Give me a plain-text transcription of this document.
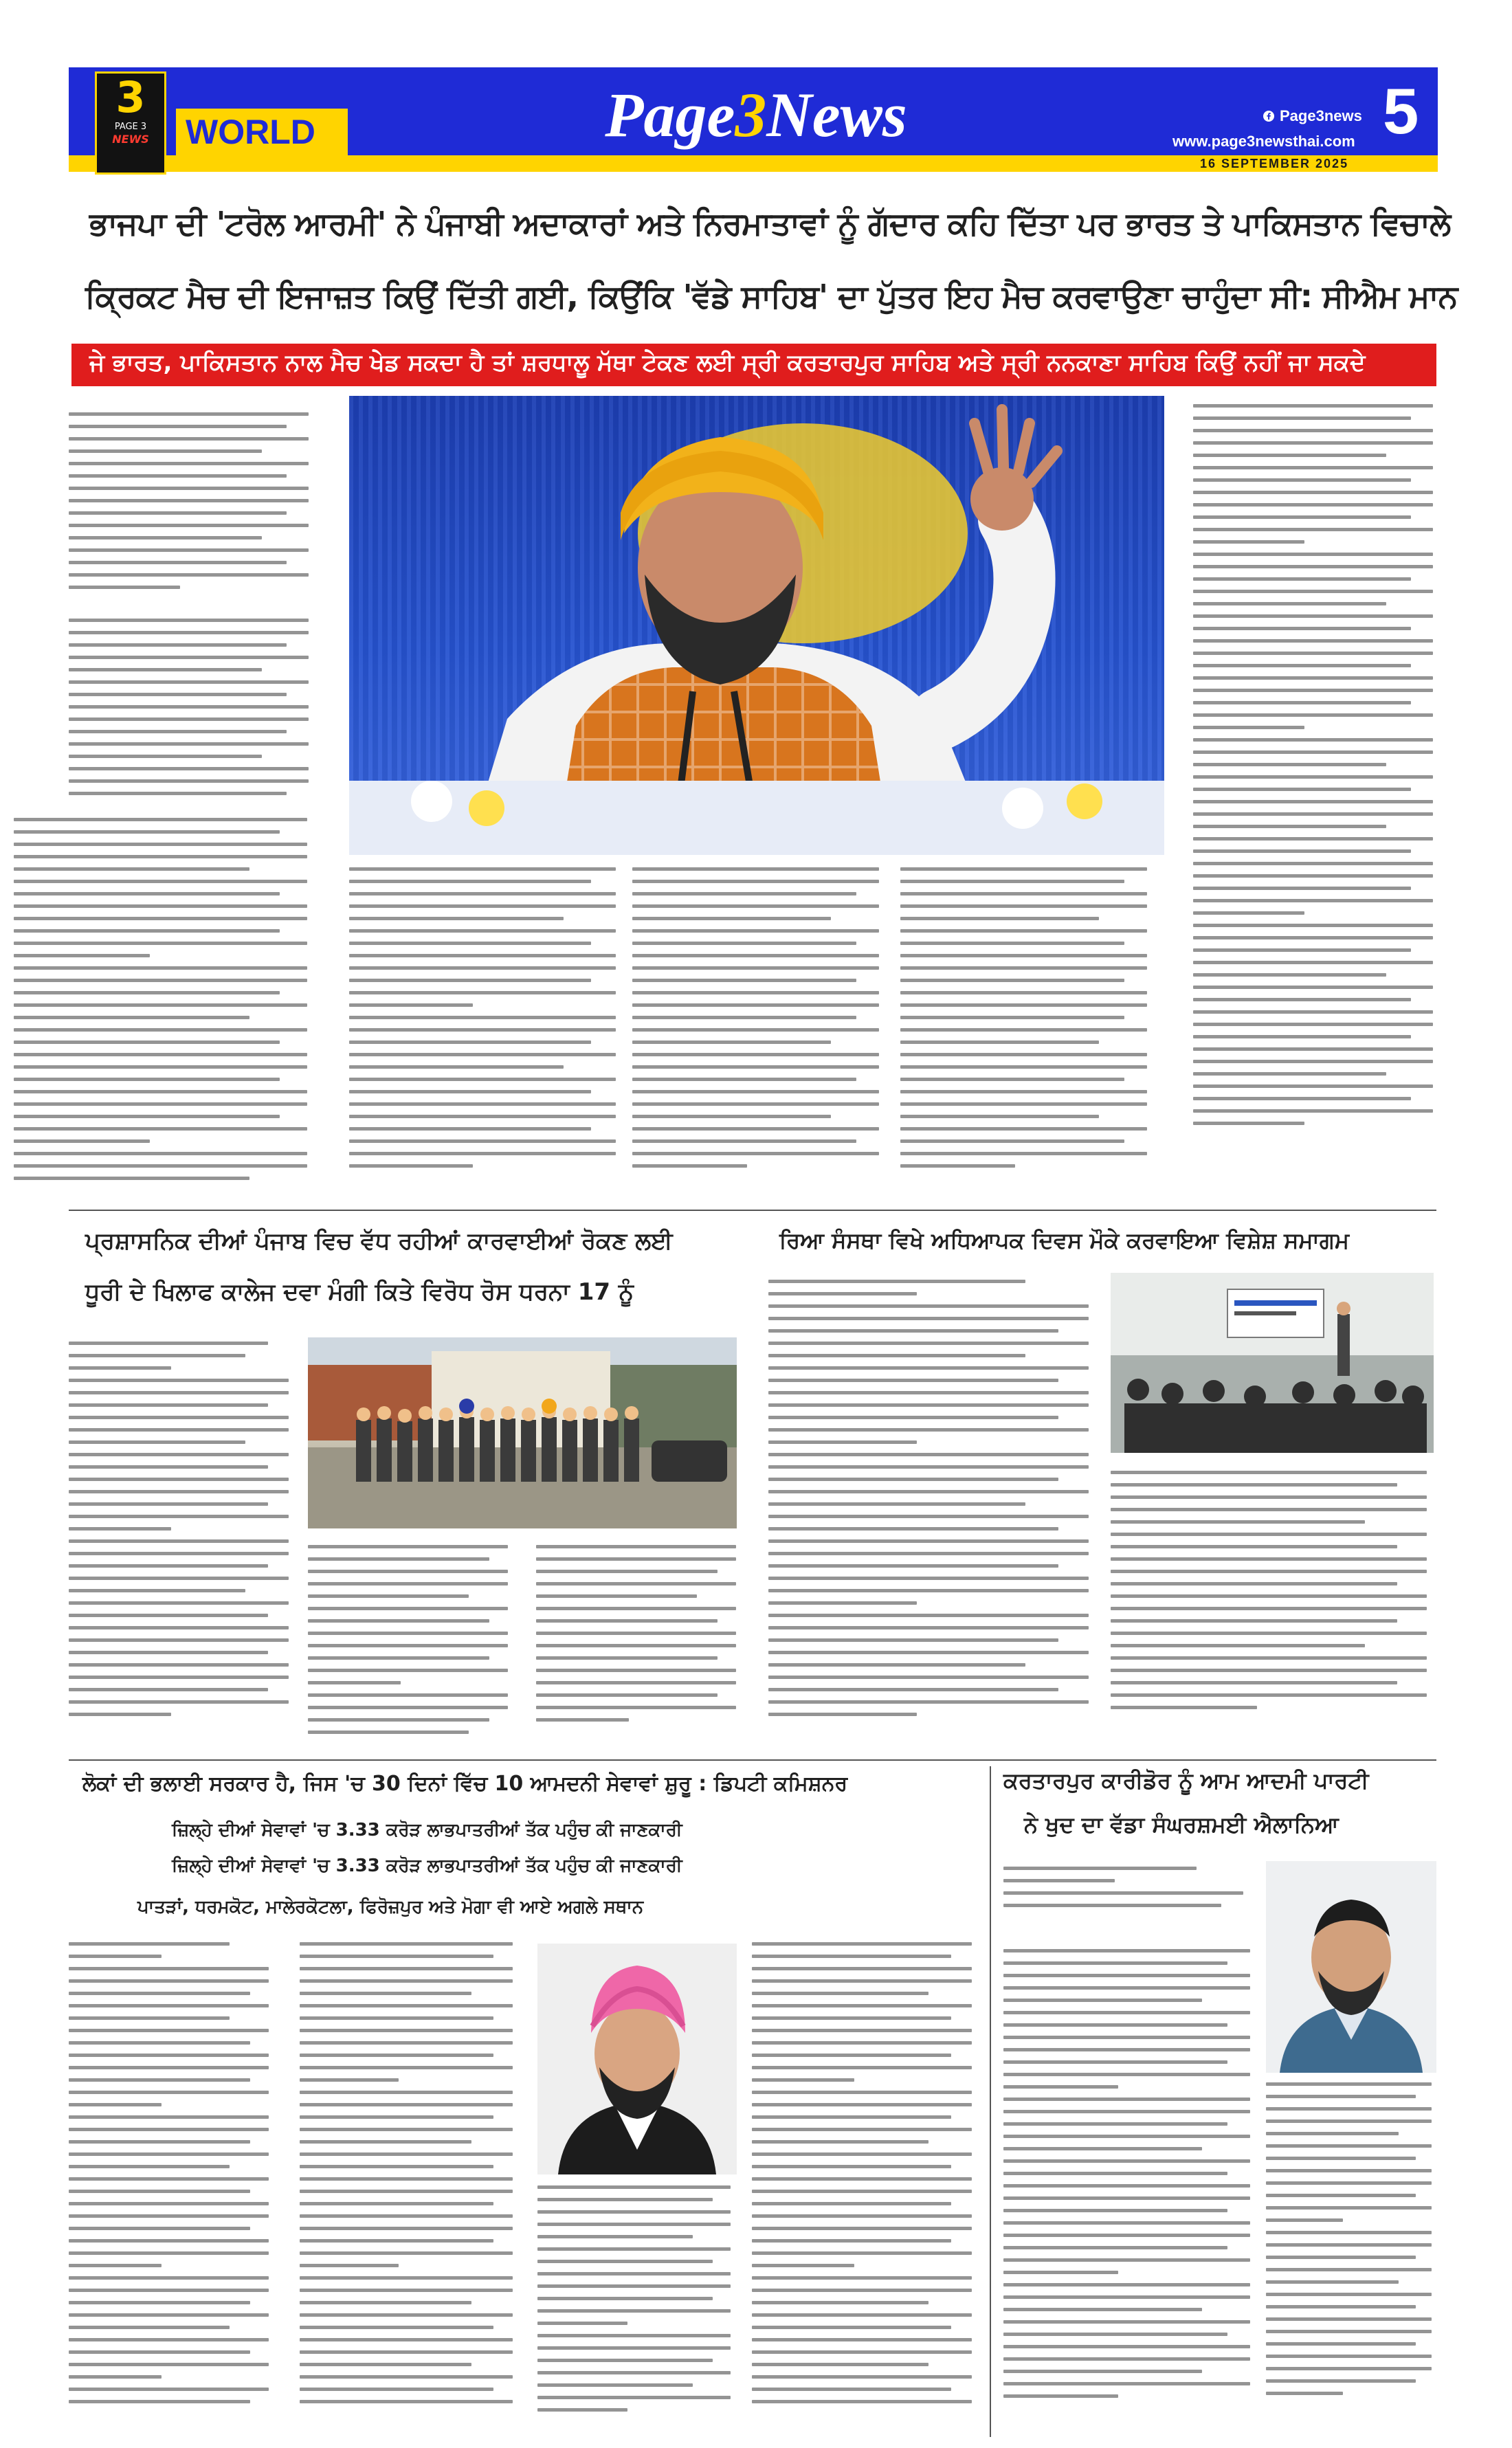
3
PAGE 3
NEWS	WORLD	Page3News	Page3news
www.page3newsthai.com 5
16 SEPTEMBER 2025
ਭਾਜਪਾ ਦੀ 'ਟਰੋਲ ਆਰਮੀ' ਨੇ ਪੰਜਾਬੀ ਅਦਾਕਾਰਾਂ ਅਤੇ ਨਿਰਮਾਤਾਵਾਂ ਨੂੰ ਗੱਦਾਰ ਕਹਿ ਦਿੱਤਾ ਪਰ ਭਾਰਤ ਤੇ ਪਾਕਿਸਤਾਨ ਵਿਚਾਲੇ
ਕ੍ਰਿਕਟ ਮੈਚ ਦੀ ਇਜਾਜ਼ਤ ਕਿਉਂ ਦਿੱਤੀ ਗਈ, ਕਿਉਂਕਿ 'ਵੱਡੇ ਸਾਹਿਬ' ਦਾ ਪੁੱਤਰ ਇਹ ਮੈਚ ਕਰਵਾਉਣਾ ਚਾਹੁੰਦਾ ਸੀ: ਸੀਐਮ ਮਾਨ
ਜੇ ਭਾਰਤ, ਪਾਕਿਸਤਾਨ ਨਾਲ ਮੈਚ ਖੇਡ ਸਕਦਾ ਹੈ ਤਾਂ ਸ਼ਰਧਾਲੂ ਮੱਥਾ ਟੇਕਣ ਲਈ ਸ੍ਰੀ ਕਰਤਾਰਪੁਰ ਸਾਹਿਬ ਅਤੇ ਸ੍ਰੀ ਨਨਕਾਣਾ ਸਾਹਿਬ ਕਿਉਂ ਨਹੀਂ ਜਾ ਸਕਦੇ
ਪ੍ਰਸ਼ਾਸਨਿਕ ਦੀਆਂ ਪੰਜਾਬ ਵਿਚ ਵੱਧ ਰਹੀਆਂ ਕਾਰਵਾਈਆਂ ਰੋਕਣ ਲਈ
ਧੂਰੀ ਦੇ ਖਿਲਾਫ ਕਾਲੇਜ ਦਵਾ ਮੰਗੀ ਕਿਤੇ ਵਿਰੋਧ ਰੋਸ ਧਰਨਾ 17 ਨੂੰ
ਰਿਆ ਸੰਸਥਾ ਵਿਖੇ ਅਧਿਆਪਕ ਦਿਵਸ ਮੌਕੇ ਕਰਵਾਇਆ ਵਿਸ਼ੇਸ਼ ਸਮਾਗਮ
ਲੋਕਾਂ ਦੀ ਭਲਾਈ ਸਰਕਾਰ ਹੈ, ਜਿਸ 'ਚ 30 ਦਿਨਾਂ ਵਿੱਚ 10 ਆਮਦਨੀ ਸੇਵਾਵਾਂ ਸ਼ੁਰੂ : ਡਿਪਟੀ ਕਮਿਸ਼ਨਰ
ਜ਼ਿਲ੍ਹੇ ਦੀਆਂ ਸੇਵਾਵਾਂ 'ਚ 3.33 ਕਰੋੜ ਲਾਭਪਾਤਰੀਆਂ ਤੱਕ ਪਹੁੰਚ ਕੀ ਜਾਣਕਾਰੀ
ਜ਼ਿਲ੍ਹੇ ਦੀਆਂ ਸੇਵਾਵਾਂ 'ਚ 3.33 ਕਰੋੜ ਲਾਭਪਾਤਰੀਆਂ ਤੱਕ ਪਹੁੰਚ ਕੀ ਜਾਣਕਾਰੀ
ਪਾਤੜਾਂ, ਧਰਮਕੋਟ, ਮਾਲੇਰਕੋਟਲਾ, ਫਿਰੋਜ਼ਪੁਰ ਅਤੇ ਮੋਗਾ ਵੀ ਆਏ ਅਗਲੇ ਸਥਾਨ
ਕਰਤਾਰਪੁਰ ਕਾਰੀਡੋਰ ਨੂੰ ਆਮ ਆਦਮੀ ਪਾਰਟੀ
ਨੇ ਖੁਦ ਦਾ ਵੱਡਾ ਸੰਘਰਸ਼ਮਈ ਐਲਾਨਿਆ
